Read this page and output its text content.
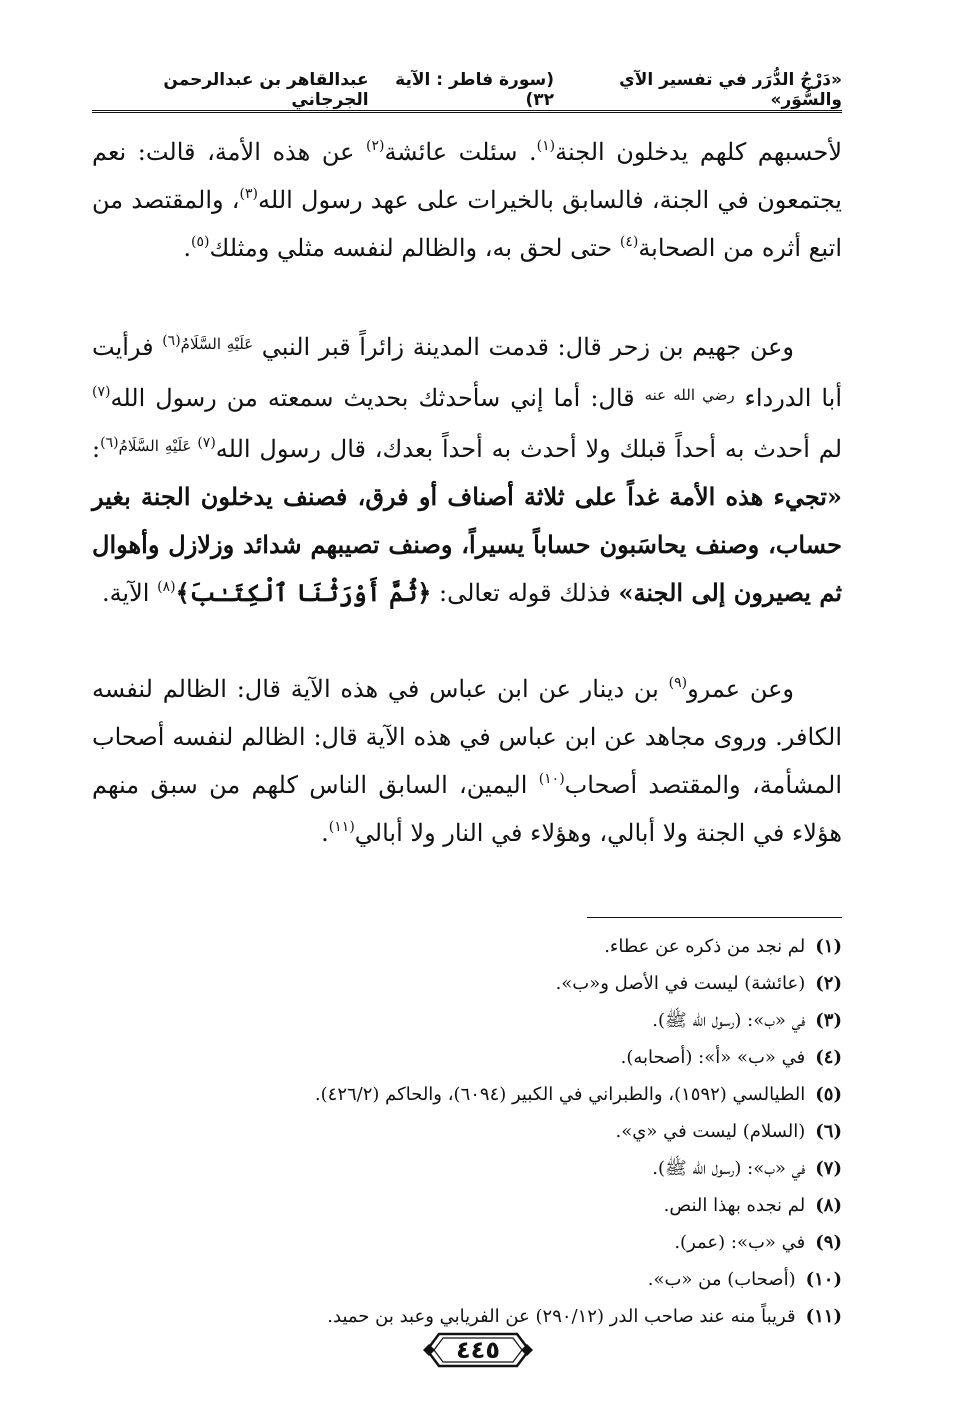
«دَرْجُ الدُّرَر في تفسير الآي والسُّوَر»
(سورة فاطر : الآية ٣٢)
عبدالقاهر بن عبدالرحمن الجرجاني

لأحسبهم كلهم يدخلون الجنة$^{(١)}$. سئلت عائشة$^{(٢)}$ عن هذه الأمة، قالت: نعم يجتمعون في الجنة، فالسابق بالخيرات على عهد رسول الله$^{(٣)}$، والمقتصد من اتبع أثره من الصحابة$^{(٤)}$ حتى لحق به، والظالم لنفسه مثلي ومثلك$^{(٥)}$.

وعن جهيم بن زحر قال: قدمت المدينة زائراً قبر النبي $^{عَلَيْهِ السَّلَامُ(٦)}$ فرأيت أبا الدرداء $^{رضي الله عنه}$ قال: أما إني سأحدثك بحديث سمعته من رسول الله$^{(٧)}$ لم أحدث به أحداً قبلك ولا أحدث به أحداً بعدك، قال رسول الله$^{(٧)}$ $^{عَلَيْهِ السَّلَامُ(٦)}$: «تجيء هذه الأمة غداً على ثلاثة أصناف أو فرق، فصنف يدخلون الجنة بغير حساب، وصنف يحاسَبون حساباً يسيراً، وصنف تصيبهم شدائد وزلازل وأهوال ثم يصيرون إلى الجنة» فذلك قوله تعالى: ﴿ثُمَّ أَوْرَثْنَا ٱلْكِتَـٰبَ﴾$^{(٨)}$ الآية.

وعن عمرو$^{(٩)}$ بن دينار عن ابن عباس في هذه الآية قال: الظالم لنفسه الكافر. وروى مجاهد عن ابن عباس في هذه الآية قال: الظالم لنفسه أصحاب المشأمة، والمقتصد أصحاب$^{(١٠)}$ اليمين، السابق الناس كلهم من سبق منهم هؤلاء في الجنة ولا أبالي، وهؤلاء في النار ولا أبالي$^{(١١)}$.

(١)لم نجد من ذكره عن عطاء.
(٢)(عائشة) ليست في الأصل و«ب».
(٣)في «ب»: (رسول الله ﷺ).
(٤)في «ب» «أ»: (أصحابه).
(٥)الطيالسي (١٥٩٢)، والطبراني في الكبير (٦٠٩٤)، والحاكم (٤٢٦/٢).
(٦)(السلام) ليست في «ي».
(٧)في «ب»: (رسول الله ﷺ).
(٨)لم نجده بهذا النص.
(٩)في «ب»: (عمر).
(١٠)(أصحاب) من «ب».
(١١)قريباً منه عند صاحب الدر (٢٩٠/١٢) عن الفريابي وعبد بن حميد.
٤٤٥
